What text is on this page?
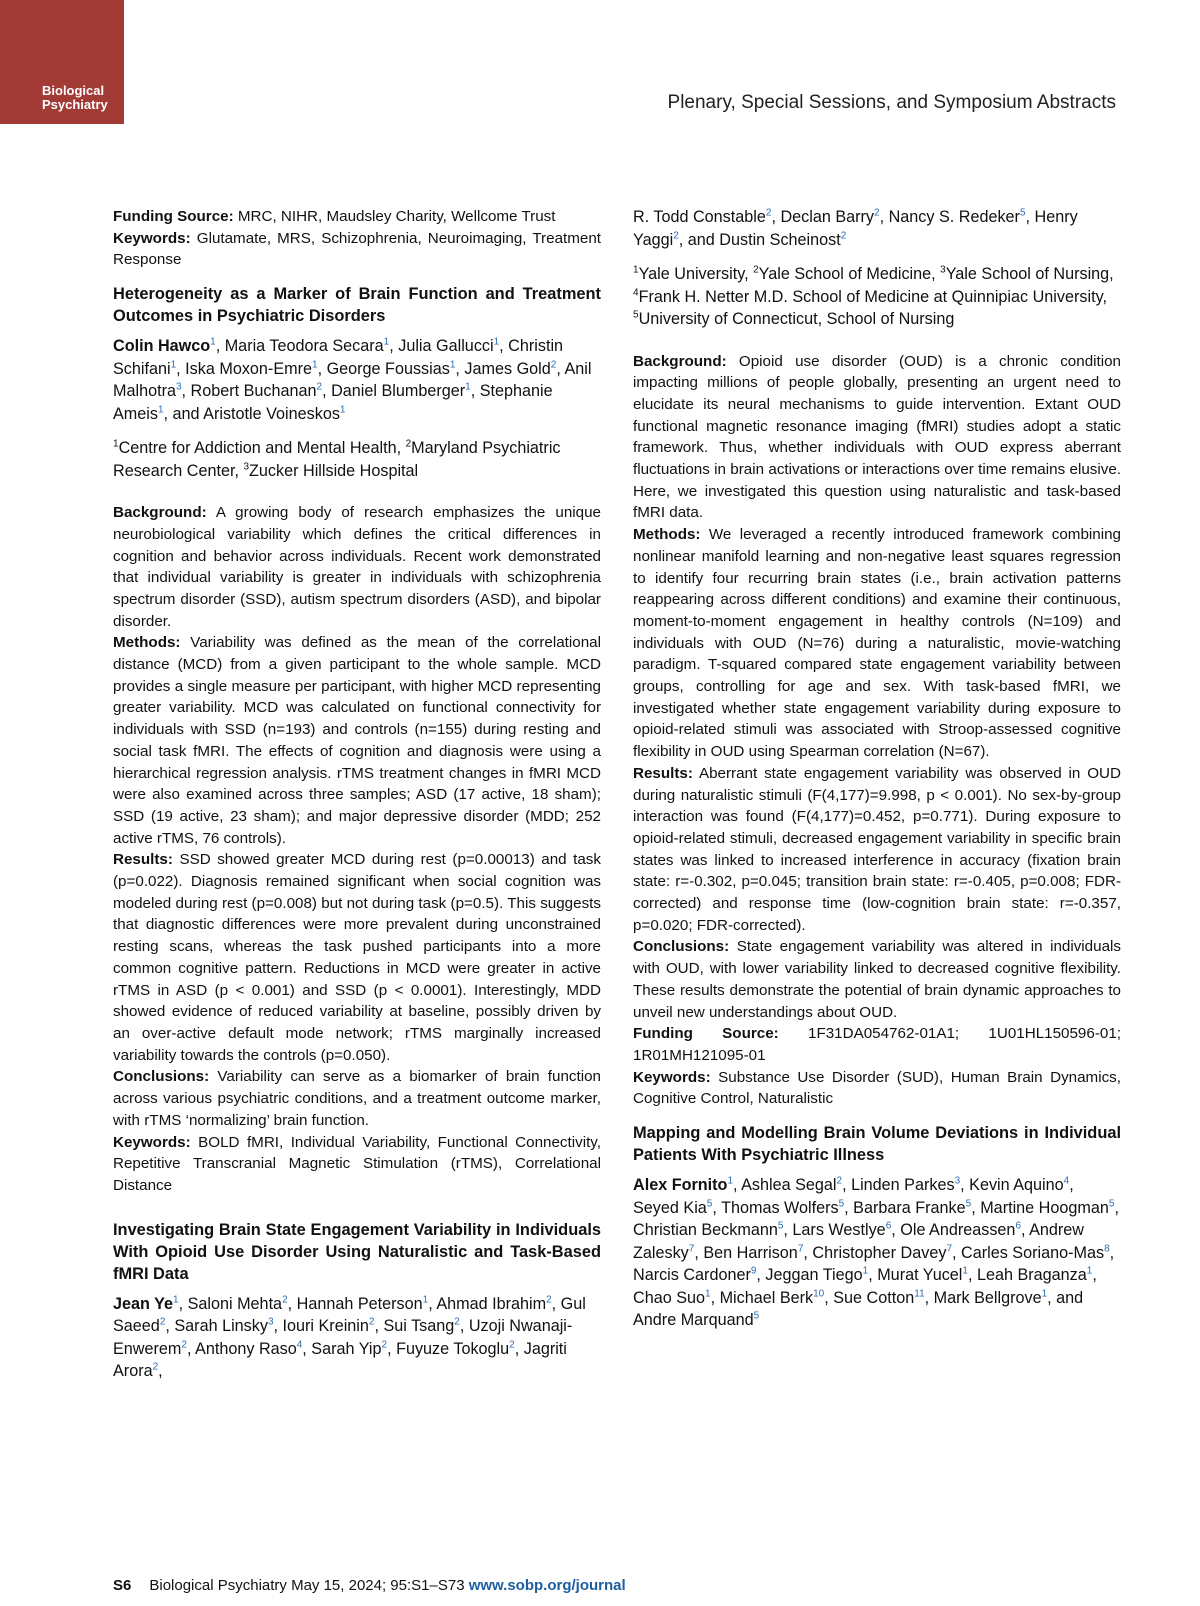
Biological
Psychiatry	Plenary, Special Sessions, and Symposium Abstracts

Funding Source: MRC, NIHR, Maudsley Charity, Wellcome Trust

Keywords: Glutamate, MRS, Schizophrenia, Neuroimaging, Treatment Response

Heterogeneity as a Marker of Brain Function and Treatment Outcomes in Psychiatric Disorders

Colin Hawco$^1$, Maria Teodora Secara$^1$, Julia Gallucci$^1$, Christin Schifani$^1$, Iska Moxon-Emre$^1$, George Foussias$^1$, James Gold$^2$, Anil Malhotra$^3$, Robert Buchanan$^2$, Daniel Blumberger$^1$, Stephanie Ameis$^1$, and Aristotle Voineskos$^1$

$^1$Centre for Addiction and Mental Health, $^2$Maryland Psychiatric Research Center, $^3$Zucker Hillside Hospital

Background: A growing body of research emphasizes the unique neurobiological variability which defines the critical differences in cognition and behavior across individuals. Recent work demonstrated that individual variability is greater in individuals with schizophrenia spectrum disorder (SSD), autism spectrum disorders (ASD), and bipolar disorder.

Methods: Variability was defined as the mean of the correlational distance (MCD) from a given participant to the whole sample. MCD provides a single measure per participant, with higher MCD representing greater variability. MCD was calculated on functional connectivity for individuals with SSD (n=193) and controls (n=155) during resting and social task fMRI. The effects of cognition and diagnosis were using a hierarchical regression analysis. rTMS treatment changes in fMRI MCD were also examined across three samples; ASD (17 active, 18 sham); SSD (19 active, 23 sham); and major depressive disorder (MDD; 252 active rTMS, 76 controls).

Results: SSD showed greater MCD during rest (p=0.00013) and task (p=0.022). Diagnosis remained significant when social cognition was modeled during rest (p=0.008) but not during task (p=0.5). This suggests that diagnostic differences were more prevalent during unconstrained resting scans, whereas the task pushed participants into a more common cognitive pattern. Reductions in MCD were greater in active rTMS in ASD (p < 0.001) and SSD (p < 0.0001). Interestingly, MDD showed evidence of reduced variability at baseline, possibly driven by an over-active default mode network; rTMS marginally increased variability towards the controls (p=0.050).

Conclusions: Variability can serve as a biomarker of brain function across various psychiatric conditions, and a treatment outcome marker, with rTMS ‘normalizing’ brain function.

Keywords: BOLD fMRI, Individual Variability, Functional Connectivity, Repetitive Transcranial Magnetic Stimulation (rTMS), Correlational Distance

Investigating Brain State Engagement Variability in Individuals With Opioid Use Disorder Using Naturalistic and Task-Based fMRI Data

Jean Ye$^1$, Saloni Mehta$^2$, Hannah Peterson$^1$, Ahmad Ibrahim$^2$, Gul Saeed$^2$, Sarah Linsky$^3$, Iouri Kreinin$^2$, Sui Tsang$^2$, Uzoji Nwanaji-Enwerem$^2$, Anthony Raso$^4$, Sarah Yip$^2$, Fuyuze Tokoglu$^2$, Jagriti Arora$^2$,

R. Todd Constable$^2$, Declan Barry$^2$, Nancy S. Redeker$^5$, Henry Yaggi$^2$, and Dustin Scheinost$^2$

$^1$Yale University, $^2$Yale School of Medicine, $^3$Yale School of Nursing, $^4$Frank H. Netter M.D. School of Medicine at Quinnipiac University, $^5$University of Connecticut, School of Nursing

Background: Opioid use disorder (OUD) is a chronic condition impacting millions of people globally, presenting an urgent need to elucidate its neural mechanisms to guide intervention. Extant OUD functional magnetic resonance imaging (fMRI) studies adopt a static framework. Thus, whether individuals with OUD express aberrant fluctuations in brain activations or interactions over time remains elusive. Here, we investigated this question using naturalistic and task-based fMRI data.

Methods: We leveraged a recently introduced framework combining nonlinear manifold learning and non-negative least squares regression to identify four recurring brain states (i.e., brain activation patterns reappearing across different conditions) and examine their continuous, moment-to-moment engagement in healthy controls (N=109) and individuals with OUD (N=76) during a naturalistic, movie-watching paradigm. T-squared compared state engagement variability between groups, controlling for age and sex. With task-based fMRI, we investigated whether state engagement variability during exposure to opioid-related stimuli was associated with Stroop-assessed cognitive flexibility in OUD using Spearman correlation (N=67).

Results: Aberrant state engagement variability was observed in OUD during naturalistic stimuli (F(4,177)=9.998, p < 0.001). No sex-by-group interaction was found (F(4,177)=0.452, p=0.771). During exposure to opioid-related stimuli, decreased engagement variability in specific brain states was linked to increased interference in accuracy (fixation brain state: r=-0.302, p=0.045; transition brain state: r=-0.405, p=0.008; FDR-corrected) and response time (low-cognition brain state: r=-0.357, p=0.020; FDR-corrected).

Conclusions: State engagement variability was altered in individuals with OUD, with lower variability linked to decreased cognitive flexibility. These results demonstrate the potential of brain dynamic approaches to unveil new understandings about OUD.

Funding Source: 1F31DA054762-01A1; 1U01HL150596-01; 1R01MH121095-01

Keywords: Substance Use Disorder (SUD), Human Brain Dynamics, Cognitive Control, Naturalistic

Mapping and Modelling Brain Volume Deviations in Individual Patients With Psychiatric Illness

Alex Fornito$^1$, Ashlea Segal$^2$, Linden Parkes$^3$, Kevin Aquino$^4$, Seyed Kia$^5$, Thomas Wolfers$^5$, Barbara Franke$^5$, Martine Hoogman$^5$, Christian Beckmann$^5$, Lars Westlye$^6$, Ole Andreassen$^6$, Andrew Zalesky$^7$, Ben Harrison$^7$, Christopher Davey$^7$, Carles Soriano-Mas$^8$, Narcis Cardoner$^9$, Jeggan Tiego$^1$, Murat Yucel$^1$, Leah Braganza$^1$, Chao Suo$^1$, Michael Berk$^{10}$, Sue Cotton$^{11}$, Mark Bellgrove$^1$, and Andre Marquand$^5$

S6 Biological Psychiatry May 15, 2024; 95:S1–S73 www.sobp.org/journal
